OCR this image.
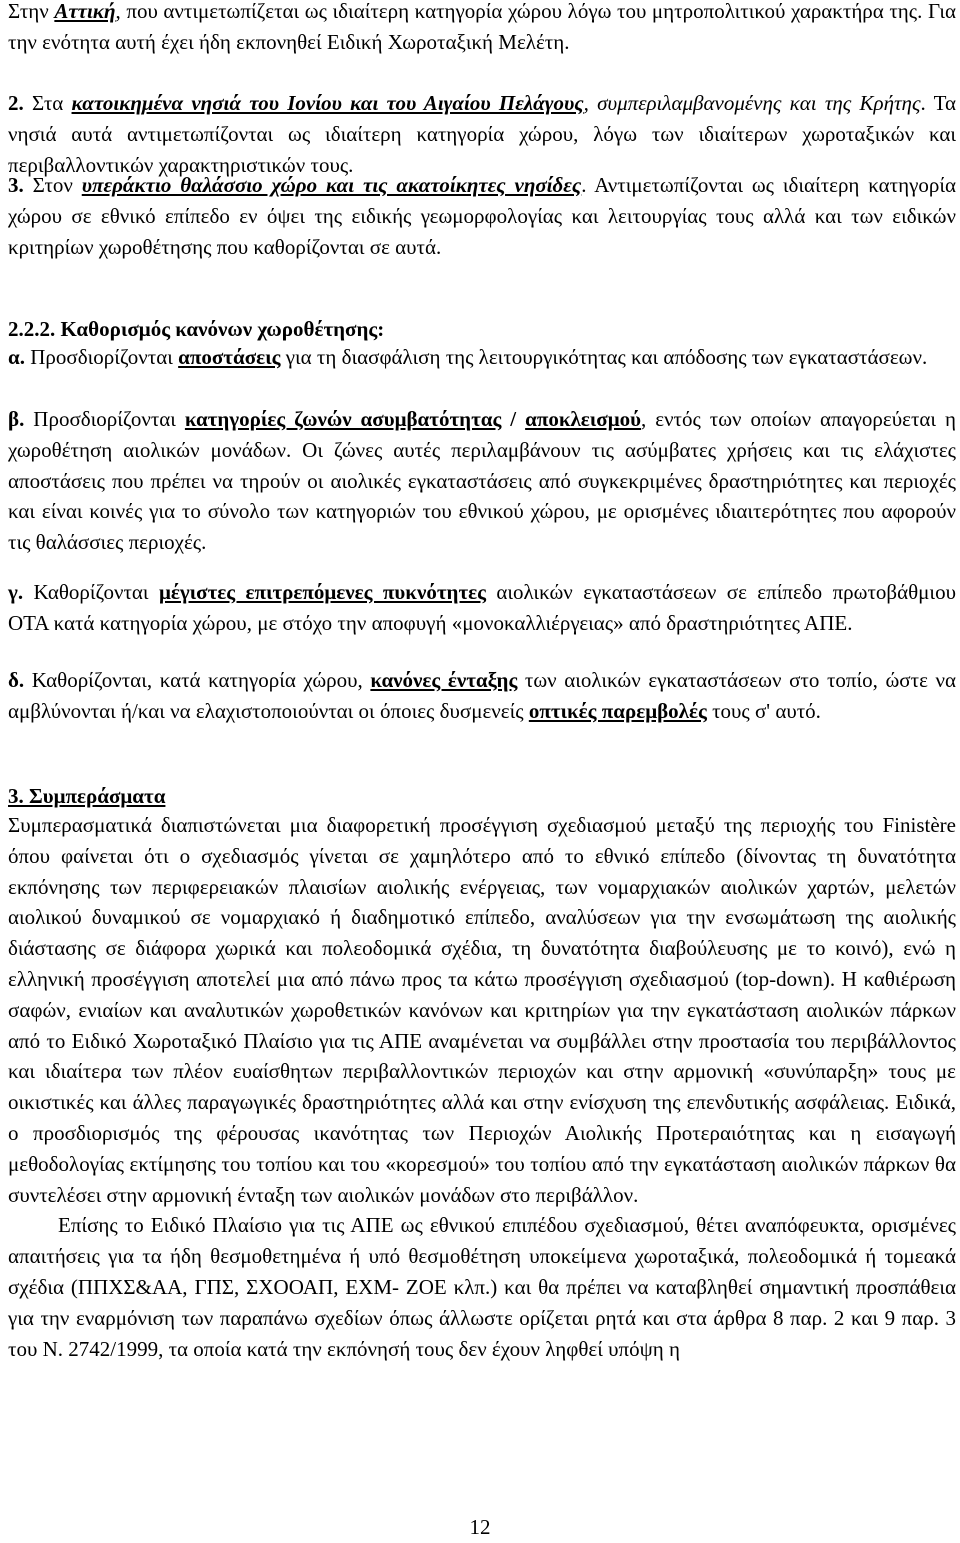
Στην Αττική, που αντιμετωπίζεται ως ιδιαίτερη κατηγορία χώρου λόγω του μητροπολιτικού χαρακτήρα της. Για την ενότητα αυτή έχει ήδη εκπονηθεί Ειδική Χωροταξική Μελέτη.

2. Στα κατοικημένα νησιά του Ιονίου και του Αιγαίου Πελάγους, συμπεριλαμβανομένης και της Κρήτης. Τα νησιά αυτά αντιμετωπίζονται ως ιδιαίτερη κατηγορία χώρου, λόγω των ιδιαίτερων χωροταξικών και περιβαλλοντικών χαρακτηριστικών τους.

3. Στον υπεράκτιο θαλάσσιο χώρο και τις ακατοίκητες νησίδες. Αντιμετωπίζονται ως ιδιαίτερη κατηγορία χώρου σε εθνικό επίπεδο εν όψει της ειδικής γεωμορφολογίας και λειτουργίας τους αλλά και των ειδικών κριτηρίων χωροθέτησης που καθορίζονται σε αυτά.

2.2.2. Καθορισμός κανόνων χωροθέτησης:

α. Προσδιορίζονται αποστάσεις για τη διασφάλιση της λειτουργικότητας και απόδοσης των εγκαταστάσεων.

β. Προσδιορίζονται κατηγορίες ζωνών ασυμβατότητας / αποκλεισμού, εντός των οποίων απαγορεύεται η χωροθέτηση αιολικών μονάδων. Οι ζώνες αυτές περιλαμβάνουν τις ασύμβατες χρήσεις και τις ελάχιστες αποστάσεις που πρέπει να τηρούν οι αιολικές εγκαταστάσεις από συγκεκριμένες δραστηριότητες και περιοχές και είναι κοινές για το σύνολο των κατηγοριών του εθνικού χώρου, με ορισμένες ιδιαιτερότητες που αφορούν τις θαλάσσιες περιοχές.

γ. Καθορίζονται μέγιστες επιτρεπόμενες πυκνότητες αιολικών εγκαταστάσεων σε επίπεδο πρωτοβάθμιου ΟΤΑ κατά κατηγορία χώρου, με στόχο την αποφυγή «μονοκαλλιέργειας» από δραστηριότητες ΑΠΕ.

δ. Καθορίζονται, κατά κατηγορία χώρου, κανόνες ένταξης των αιολικών εγκαταστάσεων στο τοπίο, ώστε να αμβλύνονται ή/και να ελαχιστοποιούνται οι όποιες δυσμενείς οπτικές παρεμβολές τους σ' αυτό.

3. Συμπεράσματα

Συμπερασματικά διαπιστώνεται μια διαφορετική προσέγγιση σχεδιασμού μεταξύ της περιοχής του Finistère όπου φαίνεται ότι ο σχεδιασμός γίνεται σε χαμηλότερο από το εθνικό επίπεδο (δίνοντας τη δυνατότητα εκπόνησης των περιφερειακών πλαισίων αιολικής ενέργειας, των νομαρχιακών αιολικών χαρτών, μελετών αιολικού δυναμικού σε νομαρχιακό ή διαδημοτικό επίπεδο, αναλύσεων για την ενσωμάτωση της αιολικής διάστασης σε διάφορα χωρικά και πολεοδομικά σχέδια, τη δυνατότητα διαβούλευσης με το κοινό), ενώ η ελληνική προσέγγιση αποτελεί μια από πάνω προς τα κάτω προσέγγιση σχεδιασμού (top-down). Η καθιέρωση σαφών, ενιαίων και αναλυτικών χωροθετικών κανόνων και κριτηρίων για την εγκατάσταση αιολικών πάρκων από το Ειδικό Χωροταξικό Πλαίσιο για τις ΑΠΕ αναμένεται να συμβάλλει στην προστασία του περιβάλλοντος και ιδιαίτερα των πλέον ευαίσθητων περιβαλλοντικών περιοχών και στην αρμονική «συνύπαρξη» τους με οικιστικές και άλλες παραγωγικές δραστηριότητες αλλά και στην ενίσχυση της επενδυτικής ασφάλειας. Ειδικά, ο προσδιορισμός της φέρουσας ικανότητας των Περιοχών Αιολικής Προτεραιότητας και η εισαγωγή μεθοδολογίας εκτίμησης του τοπίου και του «κορεσμού» του τοπίου από την εγκατάσταση αιολικών πάρκων θα συντελέσει στην αρμονική ένταξη των αιολικών μονάδων στο περιβάλλον.

Επίσης το Ειδικό Πλαίσιο για τις ΑΠΕ ως εθνικού επιπέδου σχεδιασμού, θέτει αναπόφευκτα, ορισμένες απαιτήσεις για τα ήδη θεσμοθετημένα ή υπό θεσμοθέτηση υποκείμενα χωροταξικά, πολεοδομικά ή τομεακά σχέδια (ΠΠΧΣ&ΑΑ, ΓΠΣ, ΣΧΟΟΑΠ, ΕΧΜ- ΖΟΕ κλπ.) και θα πρέπει να καταβληθεί σημαντική προσπάθεια για την εναρμόνιση των παραπάνω σχεδίων όπως άλλωστε ορίζεται ρητά και στα άρθρα 8 παρ. 2 και 9 παρ. 3 του Ν. 2742/1999, τα οποία κατά την εκπόνησή τους δεν έχουν ληφθεί υπόψη η

12
